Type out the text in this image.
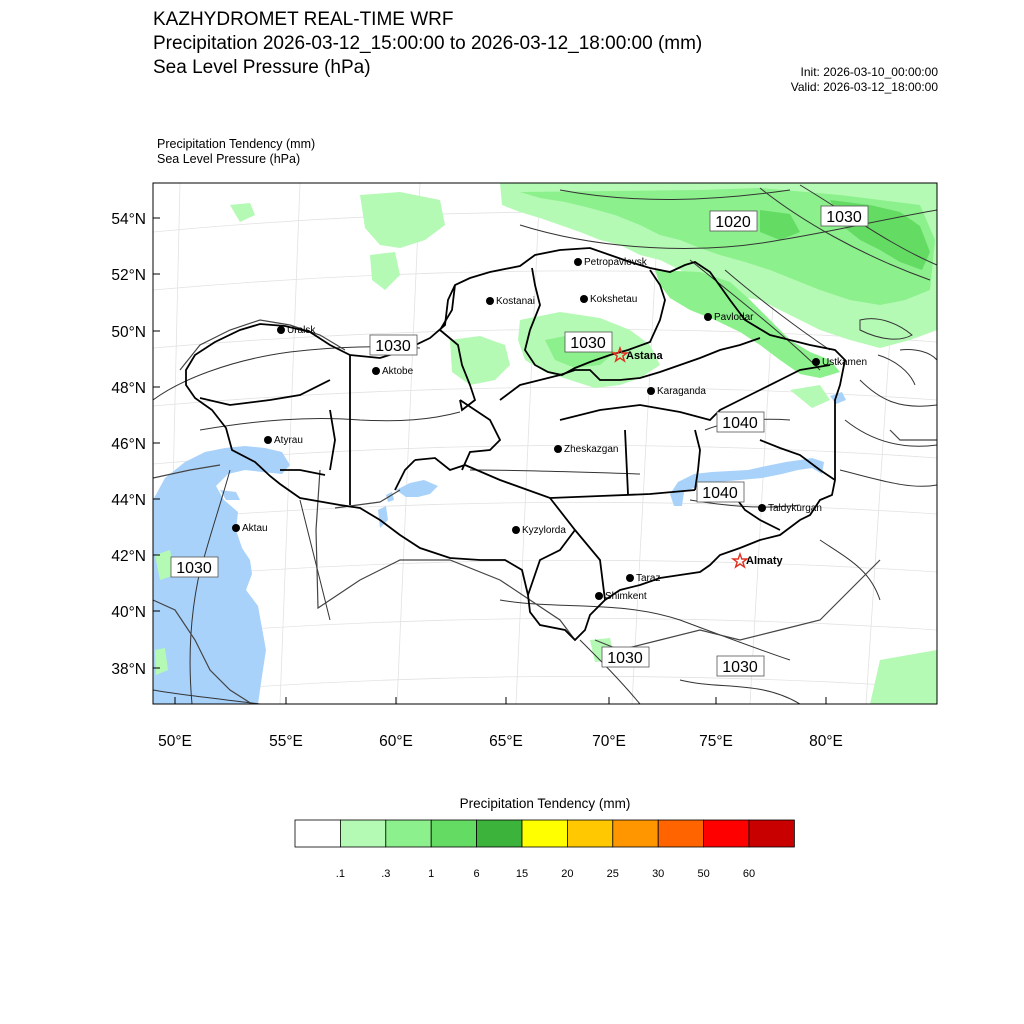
KAZHYDROMET REAL-TIME WRF
Precipitation 2026-03-12_15:00:00 to 2026-03-12_18:00:00 (mm)
Sea Level Pressure (hPa)	Init: 2026-03-10_00:00:00
Valid: 2026-03-12_18:00:00
Precipitation Tendency (mm)
Sea Level Pressure (hPa)
54°N
52°N
50°N
48°N
46°N
44°N
42°N
40°N
38°N
50°E	55°E	60°E	65°E	70°E	75°E	80°E
1020	1030
1030	1030
1040
1040
1030
1030
1030
Petropavlovsk
Kostanai	Kokshetau
Uralsk
Pavlodar
Astana
Aktobe
Ustkamen
Karaganda
Atyrau
Zheskazgan
Aktau	Kyzylorda
Taldykurgan
Almaty
Taraz
Shimkent
Precipitation Tendency (mm)
.1	.3	1	6	15	20	25	30	50	60
